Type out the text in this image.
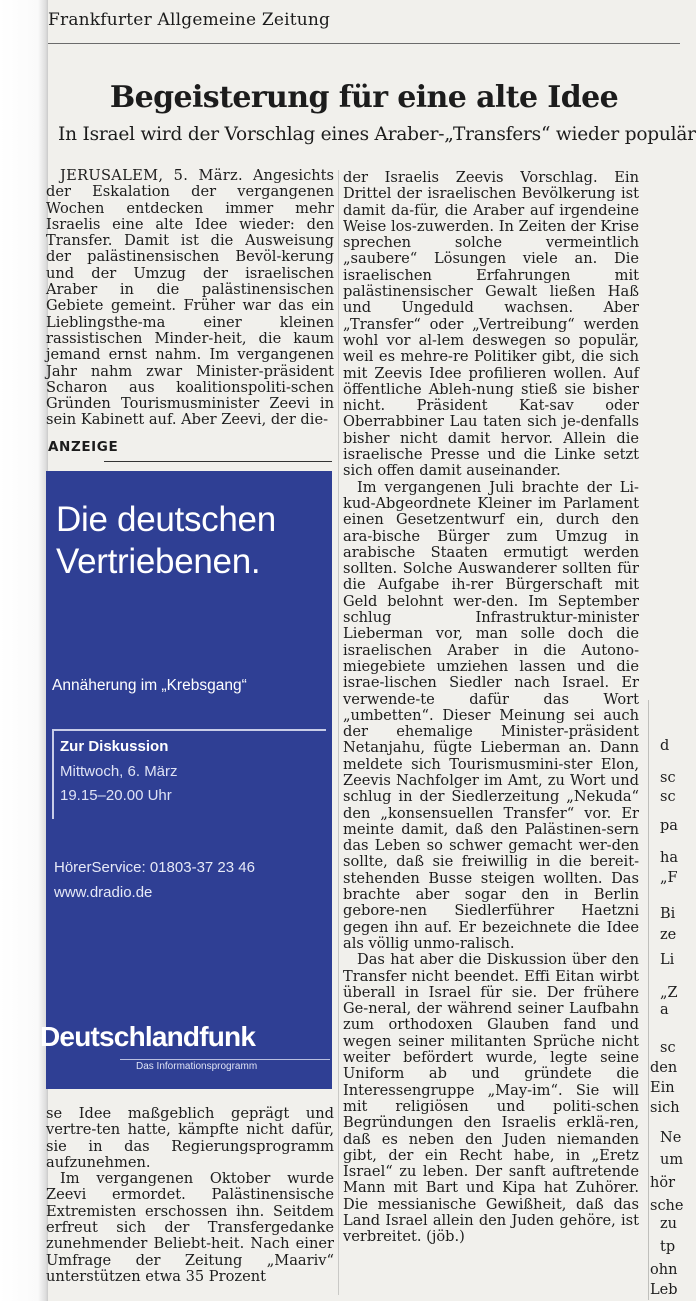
Frankfurter Allgemeine Zeitung
Begeisterung für eine alte Idee
In Israel wird der Vorschlag eines Araber-„Transfers“ wieder populär

JERUSALEM, 5. März. Angesichts der Eskalation der vergangenen Wochen entdecken immer mehr Israelis eine alte Idee wieder: den Transfer. Damit ist die Ausweisung der palästinensischen Bevöl-kerung und der Umzug der israelischen Araber in die palästinensischen Gebiete gemeint. Früher war das ein Lieblingsthe-ma einer kleinen rassistischen Minder-heit, die kaum jemand ernst nahm. Im vergangenen Jahr nahm zwar Minister-präsident Scharon aus koalitionspoliti-schen Gründen Tourismusminister Zeevi in sein Kabinett auf. Aber Zeevi, der die-

ANZEIGE
Die deutschen
Vertriebenen.
Annäherung im „Krebsgang“
Zur Diskussion
Mittwoch, 6. März
19.15–20.00 Uhr
HörerService: 01803-37 23 46
www.dradio.de
Deutschlandfunk
Das Informationsprogramm

se Idee maßgeblich geprägt und vertre-ten hatte, kämpfte nicht dafür, sie in das Regierungsprogramm aufzunehmen.

Im vergangenen Oktober wurde Zeevi ermordet. Palästinensische Extremisten erschossen ihn. Seitdem erfreut sich der Transfergedanke zunehmender Beliebt-heit. Nach einer Umfrage der Zeitung „Maariv“ unterstützen etwa 35 Prozent

der Israelis Zeevis Vorschlag. Ein Drittel der israelischen Bevölkerung ist damit da-für, die Araber auf irgendeine Weise los-zuwerden. In Zeiten der Krise sprechen solche vermeintlich „saubere“ Lösungen viele an. Die israelischen Erfahrungen mit palästinensischer Gewalt ließen Haß und Ungeduld wachsen. Aber „Transfer“ oder „Vertreibung“ werden wohl vor al-lem deswegen so populär, weil es mehre-re Politiker gibt, die sich mit Zeevis Idee profilieren wollen. Auf öffentliche Ableh-nung stieß sie bisher nicht. Präsident Kat-sav oder Oberrabbiner Lau taten sich je-denfalls bisher nicht damit hervor. Allein die israelische Presse und die Linke setzt sich offen damit auseinander.

Im vergangenen Juli brachte der Li-kud-Abgeordnete Kleiner im Parlament einen Gesetzentwurf ein, durch den ara-bische Bürger zum Umzug in arabische Staaten ermutigt werden sollten. Solche Auswanderer sollten für die Aufgabe ih-rer Bürgerschaft mit Geld belohnt wer-den. Im September schlug Infrastruktur-minister Lieberman vor, man solle doch die israelischen Araber in die Autono-miegebiete umziehen lassen und die israe-lischen Siedler nach Israel. Er verwende-te dafür das Wort „umbetten“. Dieser Meinung sei auch der ehemalige Minister-präsident Netanjahu, fügte Lieberman an. Dann meldete sich Tourismusmini-ster Elon, Zeevis Nachfolger im Amt, zu Wort und schlug in der Siedlerzeitung „Nekuda“ den „konsensuellen Transfer“ vor. Er meinte damit, daß den Palästinen-sern das Leben so schwer gemacht wer-den sollte, daß sie freiwillig in die bereit-stehenden Busse steigen wollten. Das brachte aber sogar den in Berlin gebore-nen Siedlerführer Haetzni gegen ihn auf. Er bezeichnete die Idee als völlig unmo-ralisch.

Das hat aber die Diskussion über den Transfer nicht beendet. Effi Eitan wirbt überall in Israel für sie. Der frühere Ge-neral, der während seiner Laufbahn zum orthodoxen Glauben fand und wegen seiner militanten Sprüche nicht weiter befördert wurde, legte seine Uniform ab und gründete die Interessengruppe „May-im“. Sie will mit religiösen und politi-schen Begründungen den Israelis erklä-ren, daß es neben den Juden niemanden gibt, der ein Recht habe, in „Eretz Israel“ zu leben. Der sanft auftretende Mann mit Bart und Kipa hat Zuhörer. Die messianische Gewißheit, daß das Land Israel allein den Juden gehöre, ist verbreitet. (jöb.)

d
sc
sc
pa
ha
„F
Bi
ze
Li
„Z
a
sc
den
Ein
sich
Ne
um
hör
sche
zu
tp
ohn
Leb
